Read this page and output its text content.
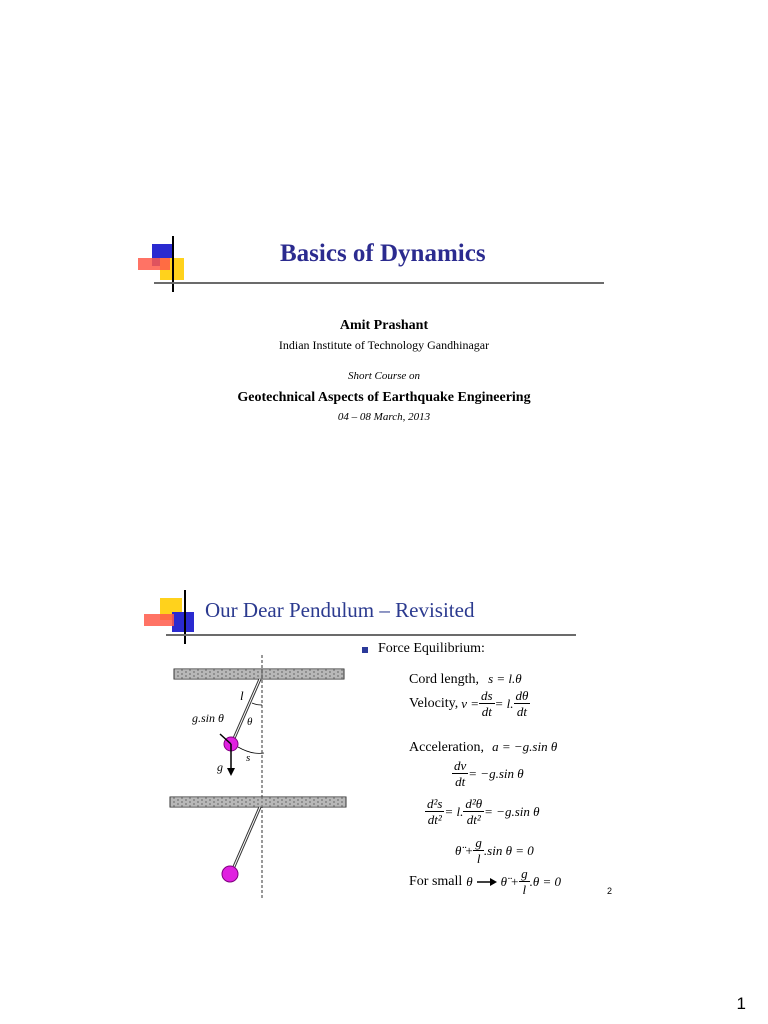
Basics of Dynamics
Amit Prashant
Indian Institute of Technology Gandhinagar
Short Course on
Geotechnical Aspects of Earthquake Engineering
04 – 08 March, 2013
Our Dear Pendulum – Revisited
l
g.sin θ θ
s
g
Force Equilibrium:
Cord length, s = l.θ
Velocity, $v = \frac{ds}{dt} = l$. $\frac{d\theta}{dt}$
Acceleration, a = −g.sin θ
$\frac{dv}{dt} = -g.\sin$ θ
$\frac{\text{d²s}}{\text{dt²}} = l$. $\frac{\text{d²θ}}{\text{dt²}} = -g.\sin$ θ
θ̈ + $\frac{g}{l} .\sin$ θ = 0
For small θ θ̈ + $\frac{g}{l} .\theta = 0$
2
1
